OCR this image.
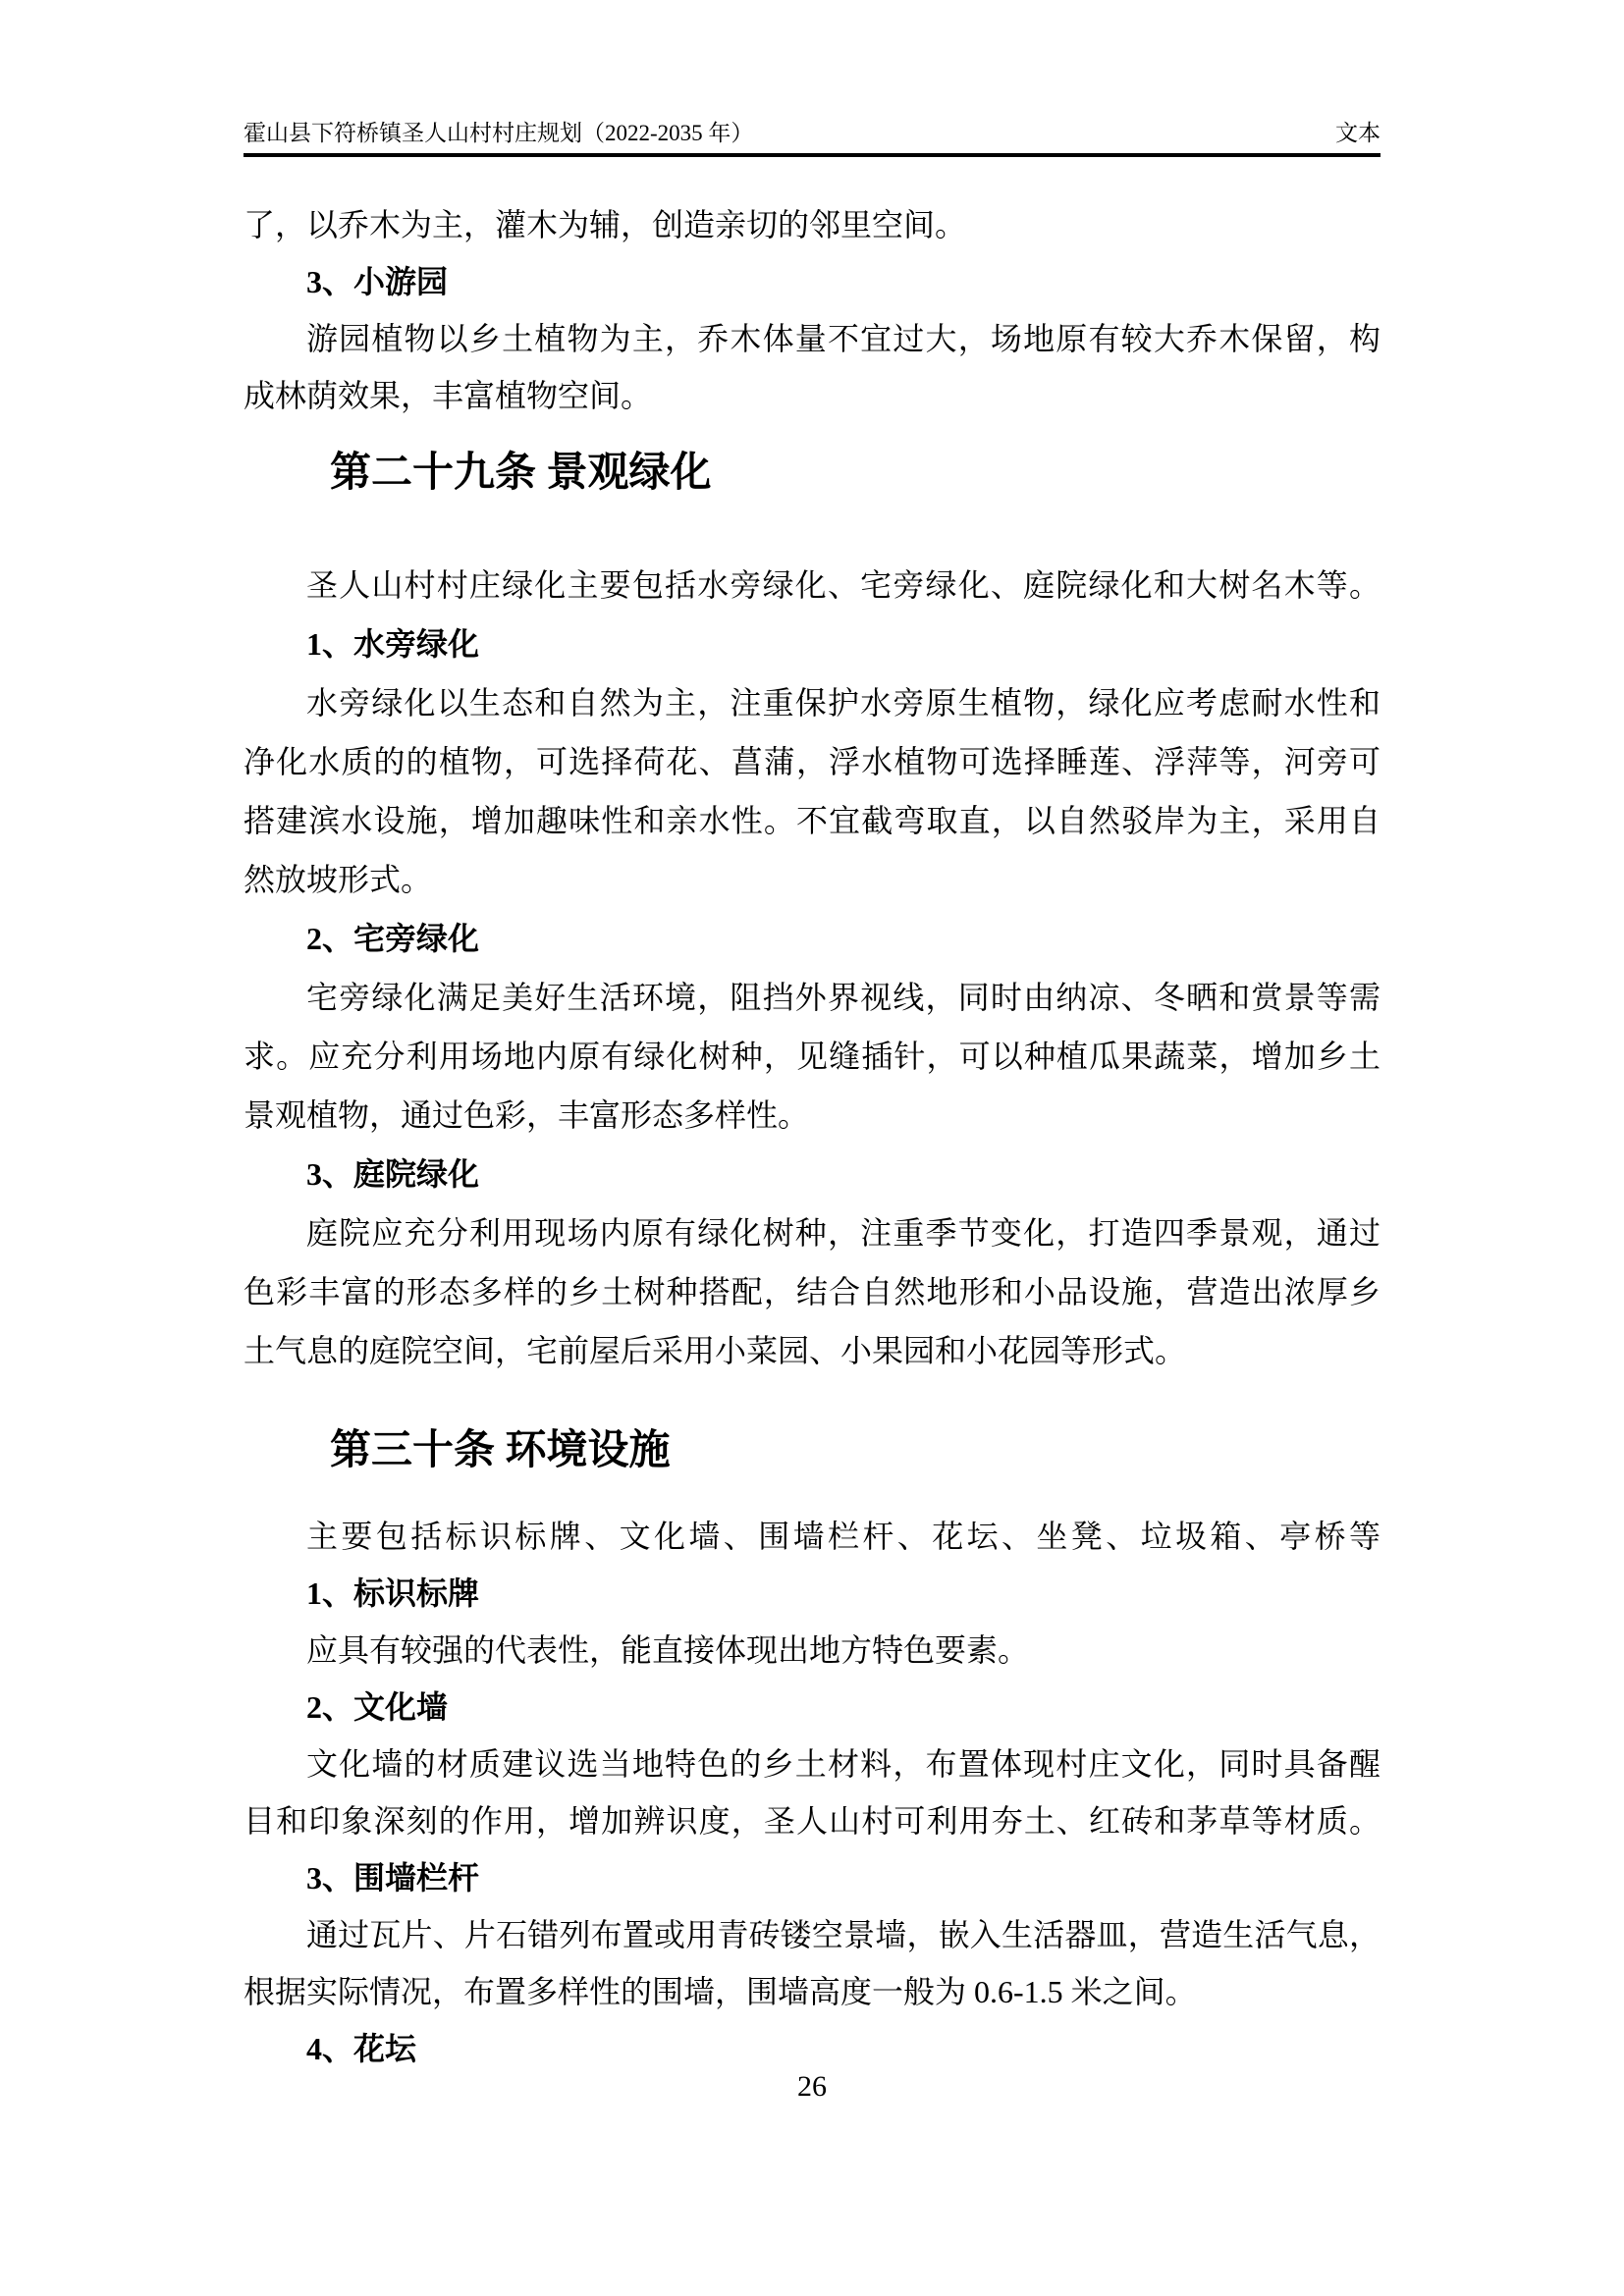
霍山县下符桥镇圣人山村村庄规划（2022-2035 年）	文本
了，以乔木为主，灌木为辅，创造亲切的邻里空间。
3、小游园
游园植物以乡土植物为主，乔木体量不宜过大，场地原有较大乔木保留，构
成林荫效果，丰富植物空间。
第二十九条 景观绿化
圣人山村村庄绿化主要包括水旁绿化、宅旁绿化、庭院绿化和大树名木等。
1、水旁绿化
水旁绿化以生态和自然为主，注重保护水旁原生植物，绿化应考虑耐水性和
净化水质的的植物，可选择荷花、菖蒲，浮水植物可选择睡莲、浮萍等，河旁可
搭建滨水设施，增加趣味性和亲水性。不宜截弯取直，以自然驳岸为主，采用自
然放坡形式。
2、宅旁绿化
宅旁绿化满足美好生活环境，阻挡外界视线，同时由纳凉、冬晒和赏景等需
求。应充分利用场地内原有绿化树种，见缝插针，可以种植瓜果蔬菜，增加乡土
景观植物，通过色彩，丰富形态多样性。
3、庭院绿化
庭院应充分利用现场内原有绿化树种，注重季节变化，打造四季景观，通过
色彩丰富的形态多样的乡土树种搭配，结合自然地形和小品设施，营造出浓厚乡
土气息的庭院空间，宅前屋后采用小菜园、小果园和小花园等形式。
第三十条 环境设施
主要包括标识标牌、文化墙、围墙栏杆、花坛、坐凳、垃圾箱、亭桥等
1、标识标牌
应具有较强的代表性，能直接体现出地方特色要素。
2、文化墙
文化墙的材质建议选当地特色的乡土材料，布置体现村庄文化，同时具备醒
目和印象深刻的作用，增加辨识度，圣人山村可利用夯土、红砖和茅草等材质。
3、围墙栏杆
通过瓦片、片石错列布置或用青砖镂空景墙，嵌入生活器皿，营造生活气息，
根据实际情况，布置多样性的围墙，围墙高度一般为 0.6-1.5 米之间。
4、花坛
26
